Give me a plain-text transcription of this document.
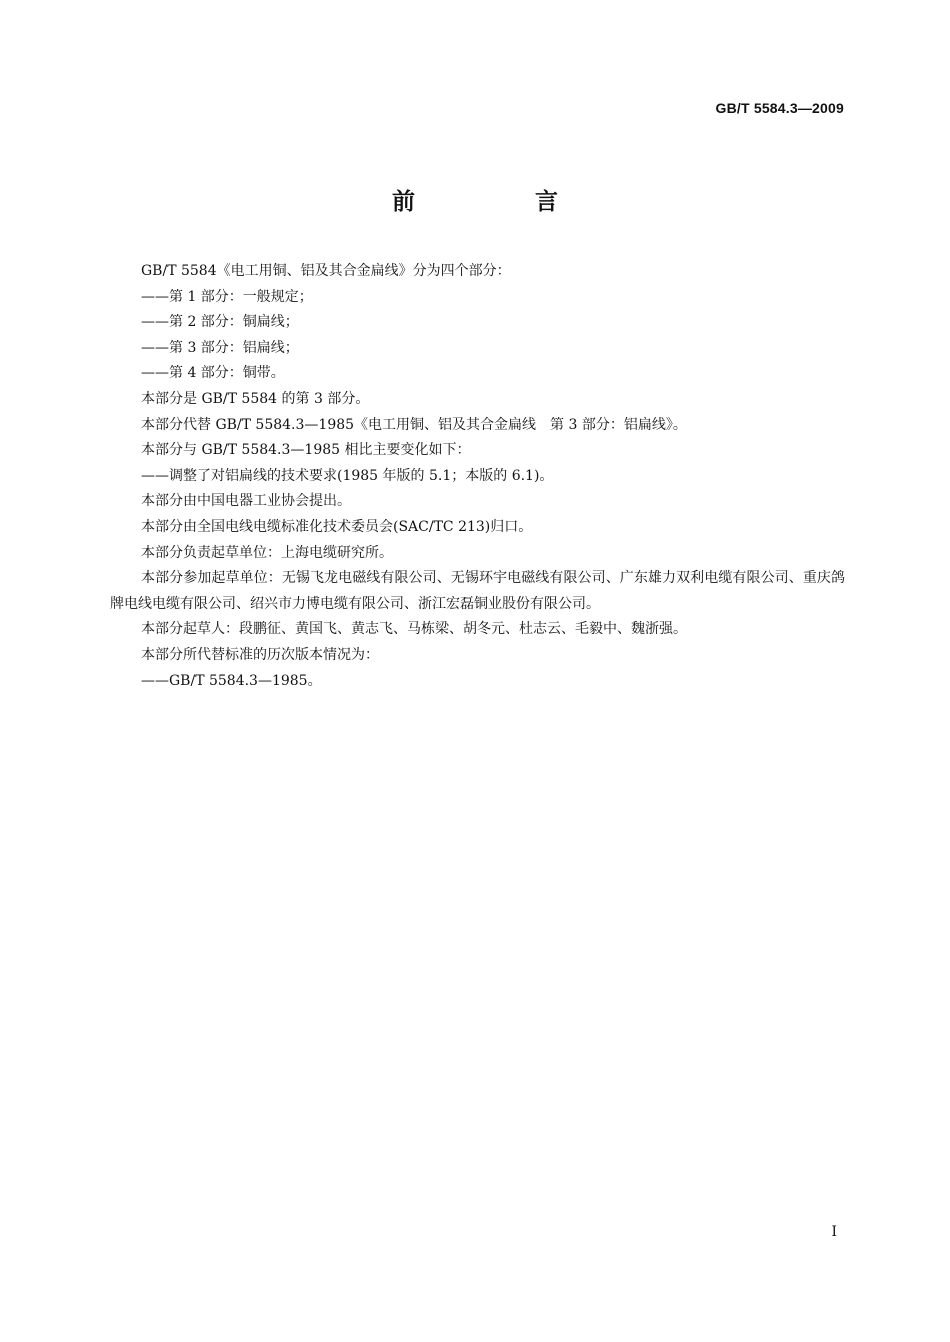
GB/T 5584.3—2009
前 言

GB/T 5584《电工用铜、铝及其合金扁线》分为四个部分：

——第 1 部分：一般规定；

——第 2 部分：铜扁线；

——第 3 部分：铝扁线；

——第 4 部分：铜带。

本部分是 GB/T 5584 的第 3 部分。

本部分代替 GB/T 5584.3—1985《电工用铜、铝及其合金扁线　第 3 部分：铝扁线》。

本部分与 GB/T 5584.3—1985 相比主要变化如下：

——调整了对铝扁线的技术要求(1985 年版的 5.1；本版的 6.1)。

本部分由中国电器工业协会提出。

本部分由全国电线电缆标准化技术委员会(SAC/TC 213)归口。

本部分负责起草单位：上海电缆研究所。

本部分参加起草单位：无锡飞龙电磁线有限公司、无锡环宇电磁线有限公司、广东雄力双利电缆有限公司、重庆鸽牌电线电缆有限公司、绍兴市力博电缆有限公司、浙江宏磊铜业股份有限公司。

本部分起草人：段鹏征、黄国飞、黄志飞、马栋梁、胡冬元、杜志云、毛毅中、魏浙强。

本部分所代替标准的历次版本情况为：

——GB/T 5584.3—1985。

I
